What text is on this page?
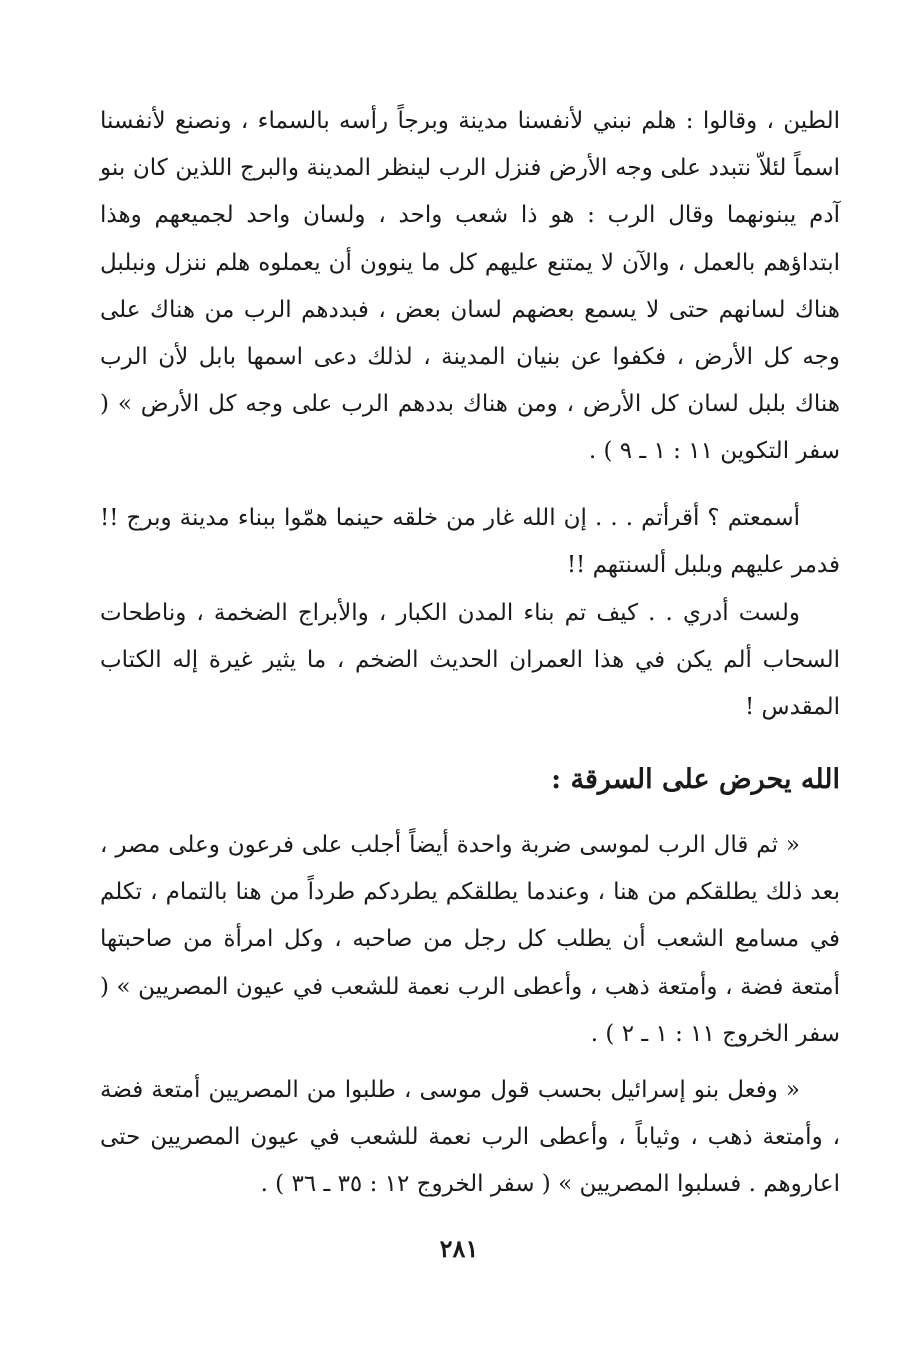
الطين ، وقالوا : هلم نبني لأنفسنا مدينة وبرجاً رأسه بالسماء ، ونصنع لأنفسنا اسماً لئلاّ نتبدد على وجه الأرض فنزل الرب لينظر المدينة والبرج اللذين كان بنو آدم يبنونهما وقال الرب : هو ذا شعب واحد ، ولسان واحد لجميعهم وهذا ابتداؤهم بالعمل ، والآن لا يمتنع عليهم كل ما ينوون أن يعملوه هلم ننزل ونبلبل هناك لسانهم حتى لا يسمع بعضهم لسان بعض ، فبددهم الرب من هناك على وجه كل الأرض ، فكفوا عن بنيان المدينة ، لذلك دعى اسمها بابل لأن الرب هناك بلبل لسان كل الأرض ، ومن هناك بددهم الرب على وجه كل الأرض » ( سفر التكوين ١١ : ١ ـ ٩ ) .

أسمعتم ؟ أقرأتم . . . إن الله غار من خلقه حينما همّوا ببناء مدينة وبرج !! فدمر عليهم وبلبل ألسنتهم !!

ولست أدري . . كيف تم بناء المدن الكبار ، والأبراج الضخمة ، وناطحات السحاب ألم يكن في هذا العمران الحديث الضخم ، ما يثير غيرة إله الكتاب المقدس !

الله يحرض على السرقة :

« ثم قال الرب لموسى ضربة واحدة أيضاً أجلب على فرعون وعلى مصر ، بعد ذلك يطلقكم من هنا ، وعندما يطلقكم يطردكم طرداً من هنا بالتمام ، تكلم في مسامع الشعب أن يطلب كل رجل من صاحبه ، وكل امرأة من صاحبتها أمتعة فضة ، وأمتعة ذهب ، وأعطى الرب نعمة للشعب في عيون المصريين » ( سفر الخروج ١١ : ١ ـ ٢ ) .

« وفعل بنو إسرائيل بحسب قول موسى ، طلبوا من المصريين أمتعة فضة ، وأمتعة ذهب ، وثياباً ، وأعطى الرب نعمة للشعب في عيون المصريين حتى اعاروهم . فسلبوا المصريين » ( سفر الخروج ١٢ : ٣٥ ـ ٣٦ ) .

٢٨١
